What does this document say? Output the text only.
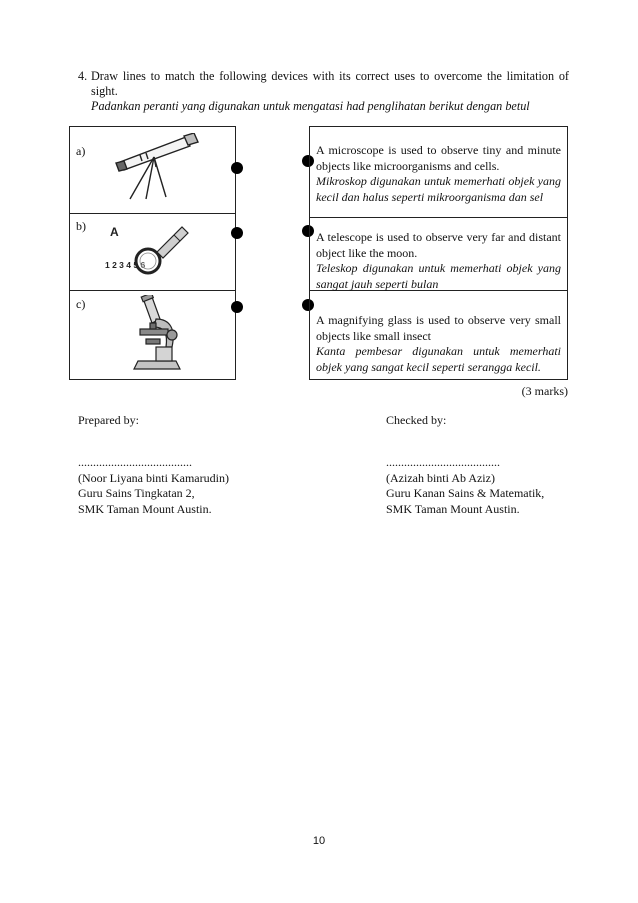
4. Draw lines to match the following devices with its correct uses to overcome the limitation of sight.
Padankan peranti yang digunakan untuk mengatasi had penglihatan berikut dengan betul
a)
b) A
1 2 3 4 5 6
c)
A microscope is used to observe tiny and minute objects like microorganisms and cells.
Mikroskop digunakan untuk memerhati objek yang kecil dan halus seperti mikroorganisma dan sel
A telescope is used to observe very far and distant object like the moon.
Teleskop digunakan untuk memerhati objek yang sangat jauh seperti bulan
A magnifying glass is used to observe very small objects like small insect
Kanta pembesar digunakan untuk memerhati objek yang sangat kecil seperti serangga kecil.
(3 marks)
Prepared by:	Checked by:
......................................
(Noor Liyana binti Kamarudin)
Guru Sains Tingkatan 2,
SMK Taman Mount Austin.
......................................
(Azizah binti Ab Aziz)
Guru Kanan Sains & Matematik,
SMK Taman Mount Austin.
10
